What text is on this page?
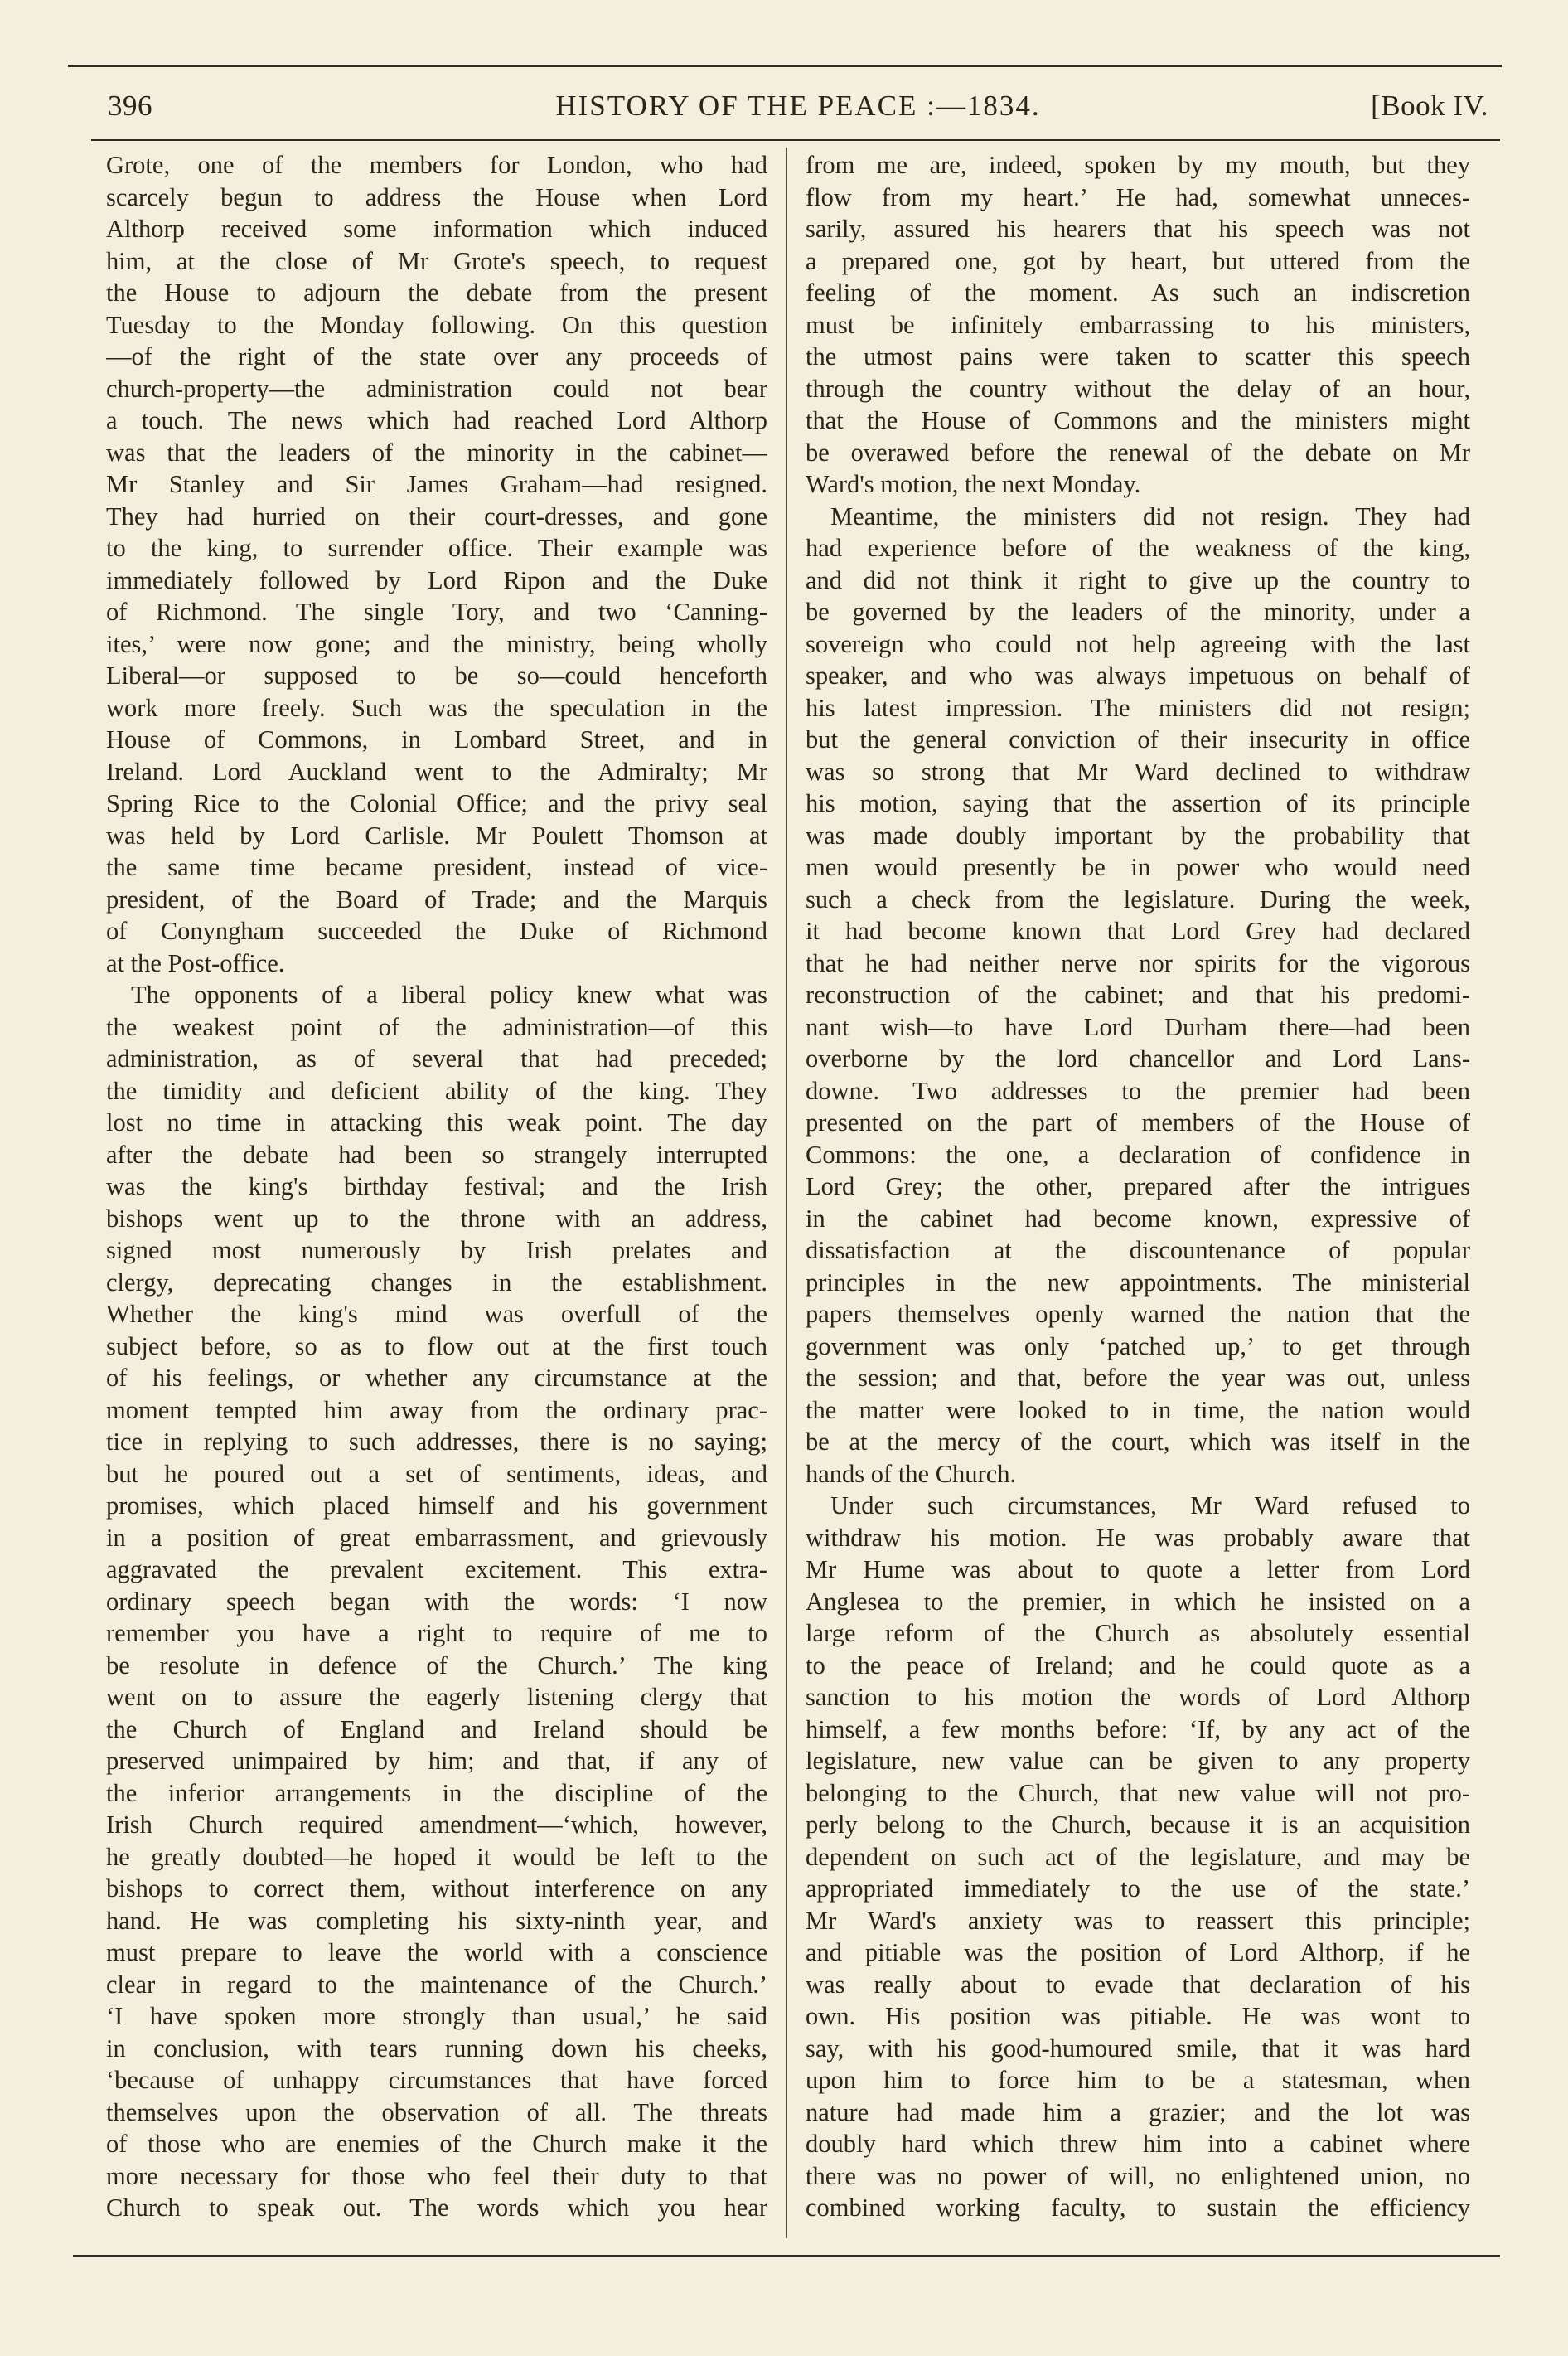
396	HISTORY OF THE PEACE :—1834.	[Book IV.
Grote, one of the members for London, who had
scarcely begun to address the House when Lord
Althorp received some information which induced
him, at the close of Mr Grote's speech, to request
the House to adjourn the debate from the present
Tuesday to the Monday following. On this question
—of the right of the state over any proceeds of
church-property—the administration could not bear
a touch. The news which had reached Lord Althorp
was that the leaders of the minority in the cabinet—
Mr Stanley and Sir James Graham—had resigned.
They had hurried on their court-dresses, and gone
to the king, to surrender office. Their example was
immediately followed by Lord Ripon and the Duke
of Richmond. The single Tory, and two ‘Canning-
ites,’ were now gone; and the ministry, being wholly
Liberal—or supposed to be so—could henceforth
work more freely. Such was the speculation in the
House of Commons, in Lombard Street, and in
Ireland. Lord Auckland went to the Admiralty; Mr
Spring Rice to the Colonial Office; and the privy seal
was held by Lord Carlisle. Mr Poulett Thomson at
the same time became president, instead of vice-
president, of the Board of Trade; and the Marquis
of Conyngham succeeded the Duke of Richmond
at the Post-office.
The opponents of a liberal policy knew what was
the weakest point of the administration—of this
administration, as of several that had preceded;
the timidity and deficient ability of the king. They
lost no time in attacking this weak point. The day
after the debate had been so strangely interrupted
was the king's birthday festival; and the Irish
bishops went up to the throne with an address,
signed most numerously by Irish prelates and
clergy, deprecating changes in the establishment.
Whether the king's mind was overfull of the
subject before, so as to flow out at the first touch
of his feelings, or whether any circumstance at the
moment tempted him away from the ordinary prac-
tice in replying to such addresses, there is no saying;
but he poured out a set of sentiments, ideas, and
promises, which placed himself and his government
in a position of great embarrassment, and grievously
aggravated the prevalent excitement. This extra-
ordinary speech began with the words: ‘I now
remember you have a right to require of me to
be resolute in defence of the Church.’ The king
went on to assure the eagerly listening clergy that
the Church of England and Ireland should be
preserved unimpaired by him; and that, if any of
the inferior arrangements in the discipline of the
Irish Church required amendment—‘which, however,
he greatly doubted—he hoped it would be left to the
bishops to correct them, without interference on any
hand. He was completing his sixty-ninth year, and
must prepare to leave the world with a conscience
clear in regard to the maintenance of the Church.’
‘I have spoken more strongly than usual,’ he said
in conclusion, with tears running down his cheeks,
‘because of unhappy circumstances that have forced
themselves upon the observation of all. The threats
of those who are enemies of the Church make it the
more necessary for those who feel their duty to that
Church to speak out. The words which you hear
from me are, indeed, spoken by my mouth, but they
flow from my heart.’ He had, somewhat unneces-
sarily, assured his hearers that his speech was not
a prepared one, got by heart, but uttered from the
feeling of the moment. As such an indiscretion
must be infinitely embarrassing to his ministers,
the utmost pains were taken to scatter this speech
through the country without the delay of an hour,
that the House of Commons and the ministers might
be overawed before the renewal of the debate on Mr
Ward's motion, the next Monday.
Meantime, the ministers did not resign. They had
had experience before of the weakness of the king,
and did not think it right to give up the country to
be governed by the leaders of the minority, under a
sovereign who could not help agreeing with the last
speaker, and who was always impetuous on behalf of
his latest impression. The ministers did not resign;
but the general conviction of their insecurity in office
was so strong that Mr Ward declined to withdraw
his motion, saying that the assertion of its principle
was made doubly important by the probability that
men would presently be in power who would need
such a check from the legislature. During the week,
it had become known that Lord Grey had declared
that he had neither nerve nor spirits for the vigorous
reconstruction of the cabinet; and that his predomi-
nant wish—to have Lord Durham there—had been
overborne by the lord chancellor and Lord Lans-
downe. Two addresses to the premier had been
presented on the part of members of the House of
Commons: the one, a declaration of confidence in
Lord Grey; the other, prepared after the intrigues
in the cabinet had become known, expressive of
dissatisfaction at the discountenance of popular
principles in the new appointments. The ministerial
papers themselves openly warned the nation that the
government was only ‘patched up,’ to get through
the session; and that, before the year was out, unless
the matter were looked to in time, the nation would
be at the mercy of the court, which was itself in the
hands of the Church.
Under such circumstances, Mr Ward refused to
withdraw his motion. He was probably aware that
Mr Hume was about to quote a letter from Lord
Anglesea to the premier, in which he insisted on a
large reform of the Church as absolutely essential
to the peace of Ireland; and he could quote as a
sanction to his motion the words of Lord Althorp
himself, a few months before: ‘If, by any act of the
legislature, new value can be given to any property
belonging to the Church, that new value will not pro-
perly belong to the Church, because it is an acquisition
dependent on such act of the legislature, and may be
appropriated immediately to the use of the state.’
Mr Ward's anxiety was to reassert this principle;
and pitiable was the position of Lord Althorp, if he
was really about to evade that declaration of his
own. His position was pitiable. He was wont to
say, with his good-humoured smile, that it was hard
upon him to force him to be a statesman, when
nature had made him a grazier; and the lot was
doubly hard which threw him into a cabinet where
there was no power of will, no enlightened union, no
combined working faculty, to sustain the efficiency
